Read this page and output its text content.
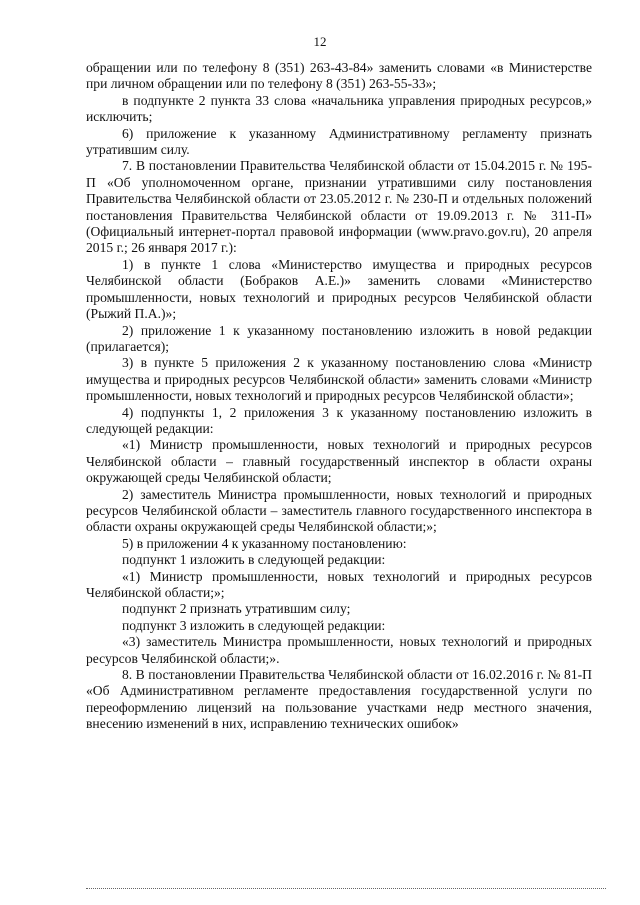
12

обращении или по телефону 8 (351) 263-43-84» заменить словами «в Министерстве при личном обращении или по телефону 8 (351) 263-55-33»;

в подпункте 2 пункта 33 слова «начальника управления природных ресурсов,» исключить;

6) приложение к указанному Административному регламенту признать утратившим силу.

7. В постановлении Правительства Челябинской области от 15.04.2015 г. № 195-П «Об уполномоченном органе, признании утратившими силу постановления Правительства Челябинской области от 23.05.2012 г. № 230-П и отдельных положений постановления Правительства Челябинской области от 19.09.2013 г. № 311-П» (Официальный интернет-портал правовой информации (www.pravo.gov.ru), 20 апреля 2015 г.; 26 января 2017 г.):

1) в пункте 1 слова «Министерство имущества и природных ресурсов Челябинской области (Бобраков А.Е.)» заменить словами «Министерство промышленности, новых технологий и природных ресурсов Челябинской области (Рыжий П.А.)»;

2) приложение 1 к указанному постановлению изложить в новой редакции (прилагается);

3) в пункте 5 приложения 2 к указанному постановлению слова «Министр имущества и природных ресурсов Челябинской области» заменить словами «Министр промышленности, новых технологий и природных ресурсов Челябинской области»;

4) подпункты 1, 2 приложения 3 к указанному постановлению изложить в следующей редакции:

«1) Министр промышленности, новых технологий и природных ресурсов Челябинской области – главный государственный инспектор в области охраны окружающей среды Челябинской области;

2) заместитель Министра промышленности, новых технологий и природных ресурсов Челябинской области – заместитель главного государственного инспектора в области охраны окружающей среды Челябинской области;»;

5) в приложении 4 к указанному постановлению:

подпункт 1 изложить в следующей редакции:

«1) Министр промышленности, новых технологий и природных ресурсов Челябинской области;»;

подпункт 2 признать утратившим силу;

подпункт 3 изложить в следующей редакции:

«3) заместитель Министра промышленности, новых технологий и природных ресурсов Челябинской области;».

8. В постановлении Правительства Челябинской области от 16.02.2016 г. № 81-П «Об Административном регламенте предоставления государственной услуги по переоформлению лицензий на пользование участками недр местного значения, внесению изменений в них, исправлению технических ошибок»
